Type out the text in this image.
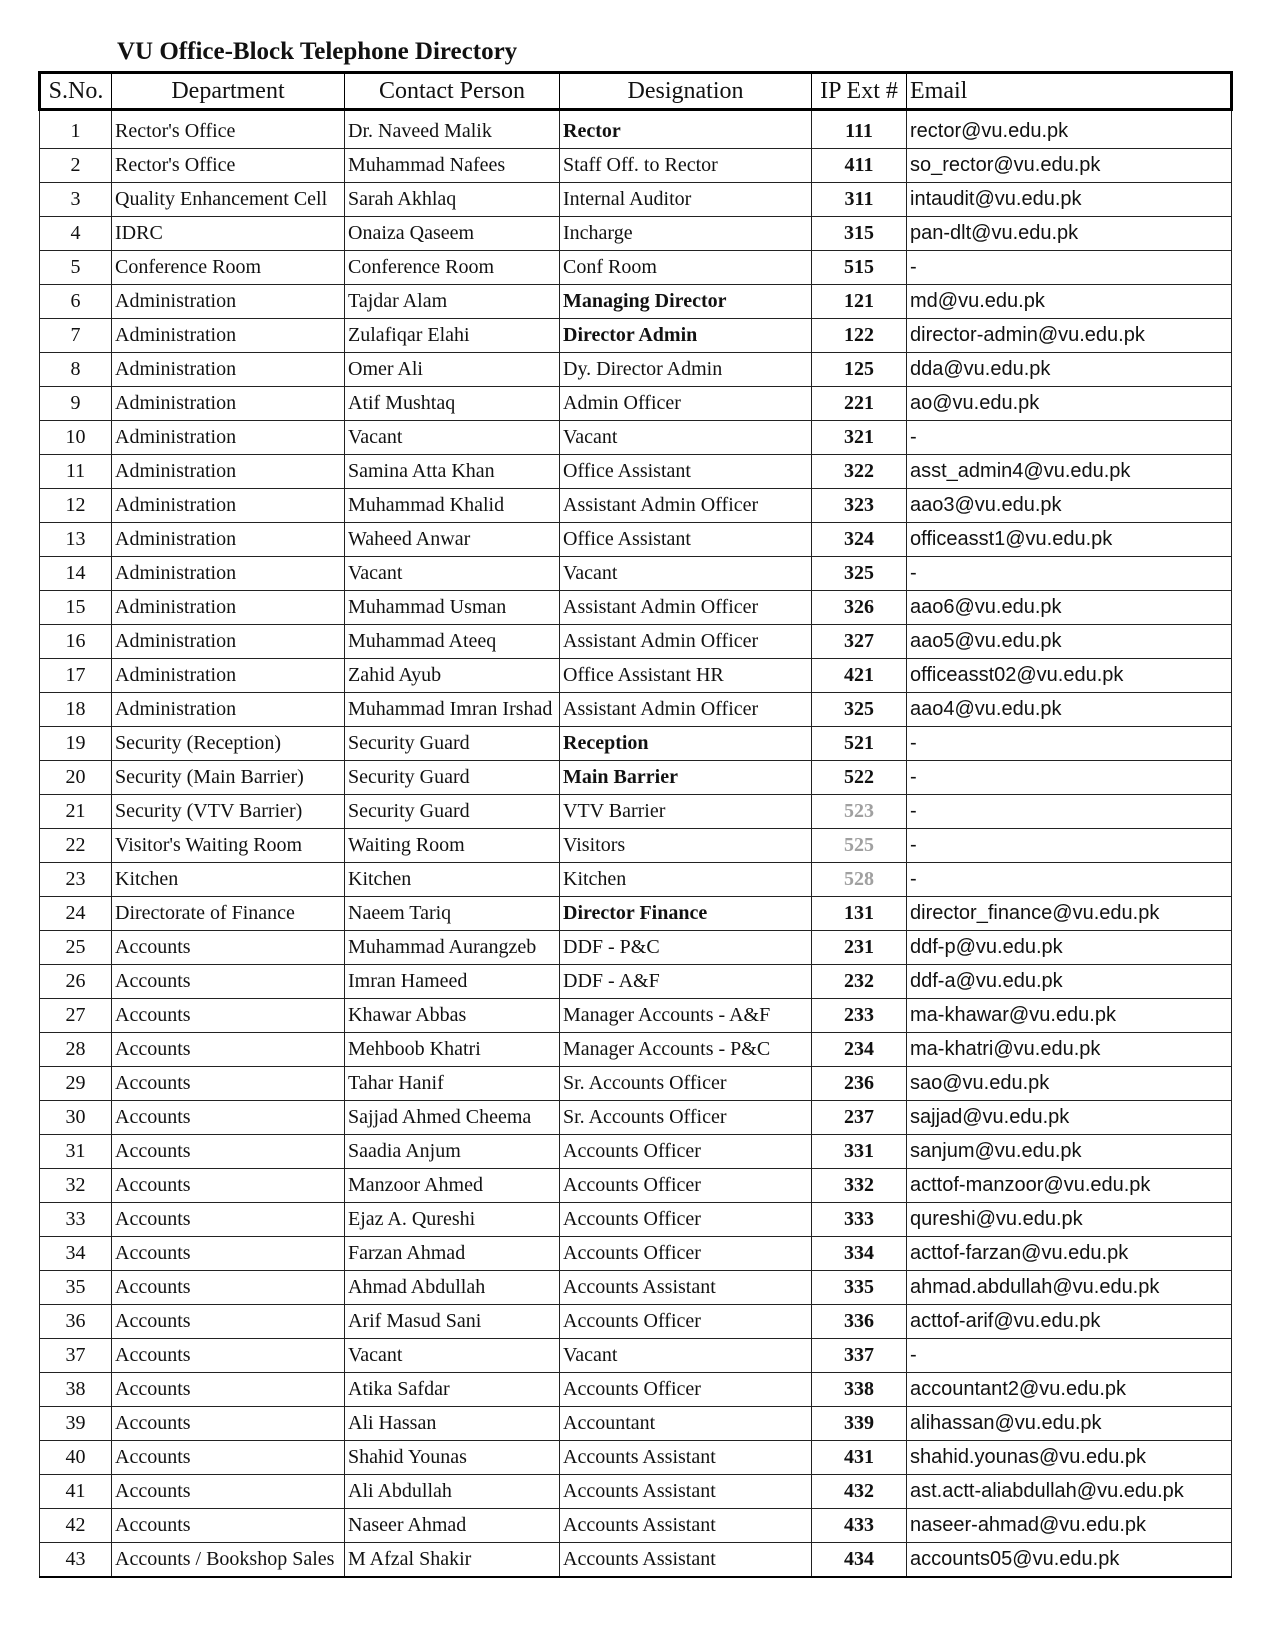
VU Office-Block Telephone Directory
S.No.	Department	Contact Person	Designation	IP Ext #	Email
1	Rector's Office	Dr. Naveed Malik	Rector	111	rector@vu.edu.pk
2	Rector's Office	Muhammad Nafees	Staff Off. to Rector	411	so_rector@vu.edu.pk
3	Quality Enhancement Cell	Sarah Akhlaq	Internal Auditor	311	intaudit@vu.edu.pk
4	IDRC	Onaiza Qaseem	Incharge	315	pan-dlt@vu.edu.pk
5	Conference Room	Conference Room	Conf Room	515	-
6	Administration	Tajdar Alam	Managing Director	121	md@vu.edu.pk
7	Administration	Zulafiqar Elahi	Director Admin	122	director-admin@vu.edu.pk
8	Administration	Omer Ali	Dy. Director Admin	125	dda@vu.edu.pk
9	Administration	Atif Mushtaq	Admin Officer	221	ao@vu.edu.pk
10	Administration	Vacant	Vacant	321	-
11	Administration	Samina Atta Khan	Office Assistant	322	asst_admin4@vu.edu.pk
12	Administration	Muhammad Khalid	Assistant Admin Officer	323	aao3@vu.edu.pk
13	Administration	Waheed Anwar	Office Assistant	324	officeasst1@vu.edu.pk
14	Administration	Vacant	Vacant	325	-
15	Administration	Muhammad Usman	Assistant Admin Officer	326	aao6@vu.edu.pk
16	Administration	Muhammad Ateeq	Assistant Admin Officer	327	aao5@vu.edu.pk
17	Administration	Zahid Ayub	Office Assistant HR	421	officeasst02@vu.edu.pk
18	Administration	Muhammad Imran Irshad	Assistant Admin Officer	325	aao4@vu.edu.pk
19	Security (Reception)	Security Guard	Reception	521	-
20	Security (Main Barrier)	Security Guard	Main Barrier	522	-
21	Security (VTV Barrier)	Security Guard	VTV Barrier	523	-
22	Visitor's Waiting Room	Waiting Room	Visitors	525	-
23	Kitchen	Kitchen	Kitchen	528	-
24	Directorate of Finance	Naeem Tariq	Director Finance	131	director_finance@vu.edu.pk
25	Accounts	Muhammad Aurangzeb	DDF - P&C	231	ddf-p@vu.edu.pk
26	Accounts	Imran Hameed	DDF - A&F	232	ddf-a@vu.edu.pk
27	Accounts	Khawar Abbas	Manager Accounts - A&F	233	ma-khawar@vu.edu.pk
28	Accounts	Mehboob Khatri	Manager Accounts - P&C	234	ma-khatri@vu.edu.pk
29	Accounts	Tahar Hanif	Sr. Accounts Officer	236	sao@vu.edu.pk
30	Accounts	Sajjad Ahmed Cheema	Sr. Accounts Officer	237	sajjad@vu.edu.pk
31	Accounts	Saadia Anjum	Accounts Officer	331	sanjum@vu.edu.pk
32	Accounts	Manzoor Ahmed	Accounts Officer	332	acttof-manzoor@vu.edu.pk
33	Accounts	Ejaz A. Qureshi	Accounts Officer	333	qureshi@vu.edu.pk
34	Accounts	Farzan Ahmad	Accounts Officer	334	acttof-farzan@vu.edu.pk
35	Accounts	Ahmad Abdullah	Accounts Assistant	335	ahmad.abdullah@vu.edu.pk
36	Accounts	Arif Masud Sani	Accounts Officer	336	acttof-arif@vu.edu.pk
37	Accounts	Vacant	Vacant	337	-
38	Accounts	Atika Safdar	Accounts Officer	338	accountant2@vu.edu.pk
39	Accounts	Ali Hassan	Accountant	339	alihassan@vu.edu.pk
40	Accounts	Shahid Younas	Accounts Assistant	431	shahid.younas@vu.edu.pk
41	Accounts	Ali Abdullah	Accounts Assistant	432	ast.actt-aliabdullah@vu.edu.pk
42	Accounts	Naseer Ahmad	Accounts Assistant	433	naseer-ahmad@vu.edu.pk
43	Accounts / Bookshop Sales	M Afzal Shakir	Accounts Assistant	434	accounts05@vu.edu.pk
